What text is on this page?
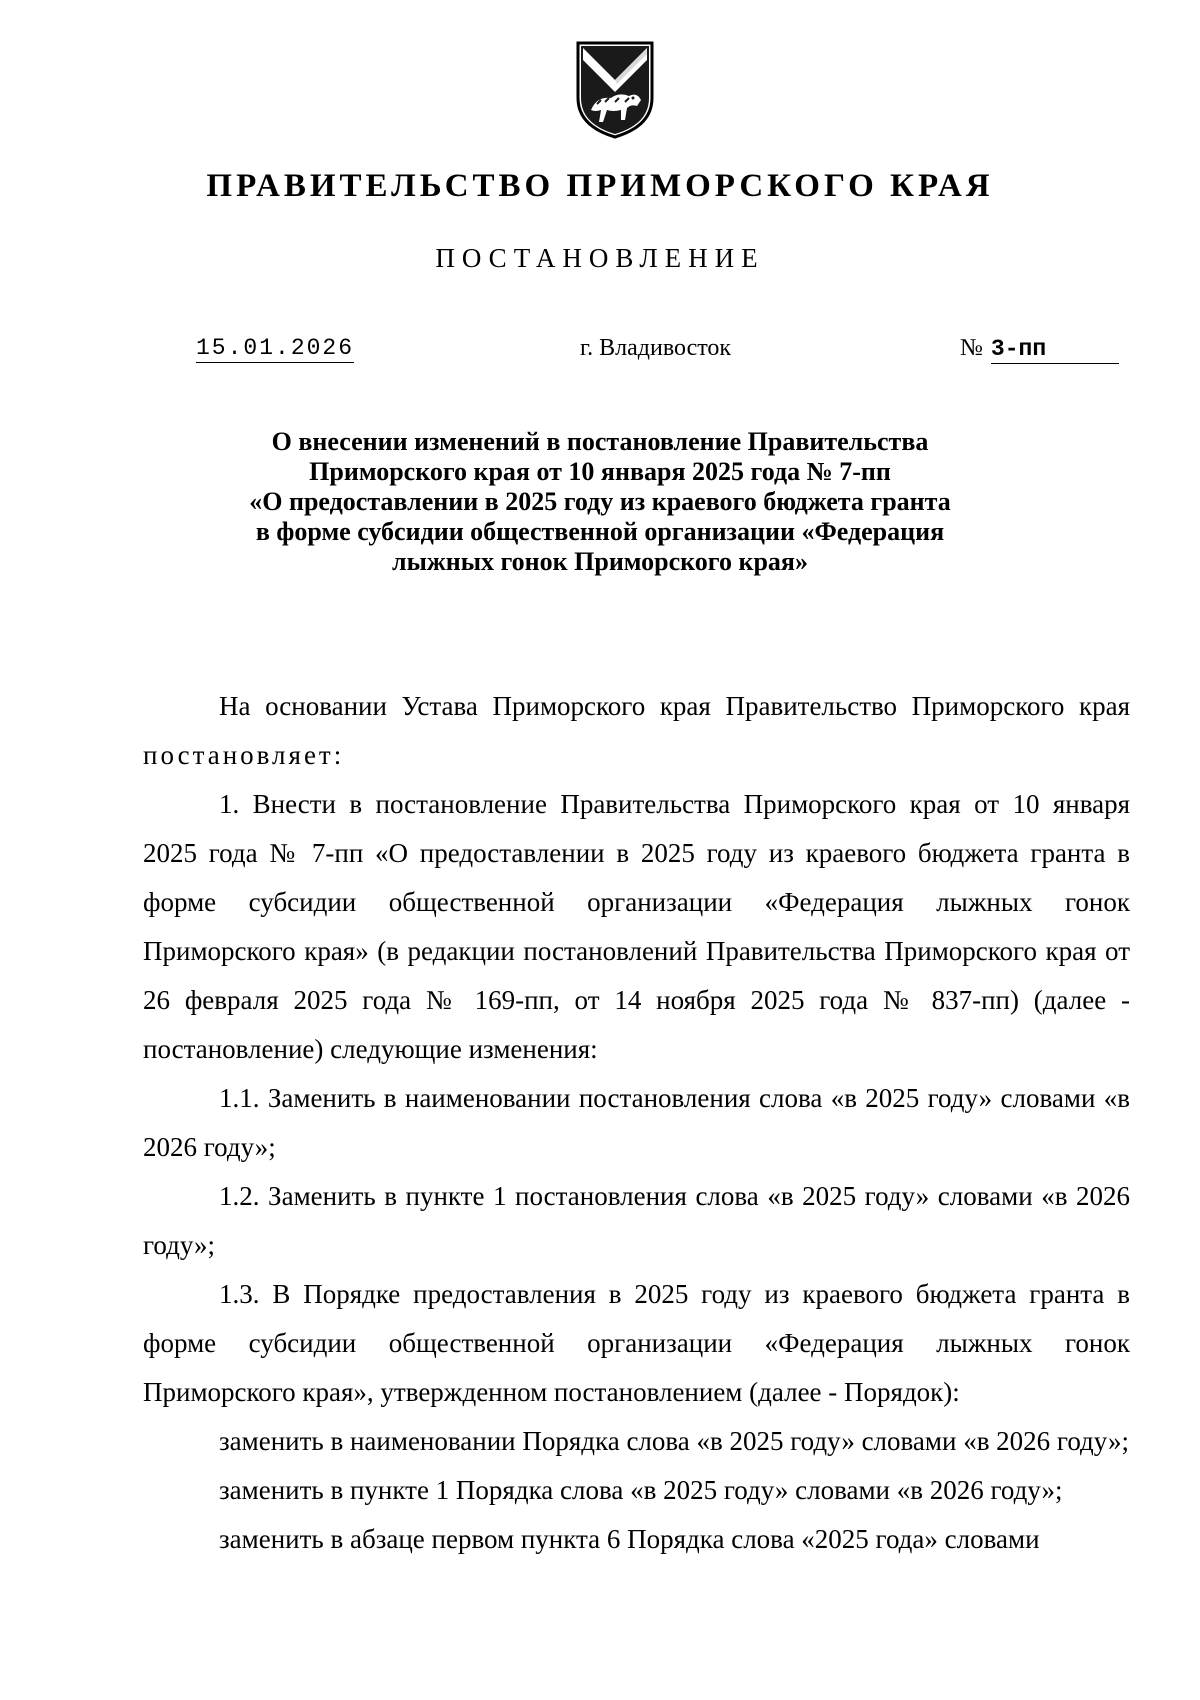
ПРАВИТЕЛЬСТВО ПРИМОРСКОГО КРАЯ
ПОСТАНОВЛЕНИЕ
15.01.2026	г. Владивосток	№ 3-пп
О внесении изменений в постановление Правительства
Приморского края от 10 января 2025 года № 7-пп
«О предоставлении в 2025 году из краевого бюджета гранта
в форме субсидии общественной организации «Федерация
лыжных гонок Приморского края»

На основании Устава Приморского края Правительство Приморского края постановляет:

1. Внести в постановление Правительства Приморского края от 10 января 2025 года № 7-пп «О предоставлении в 2025 году из краевого бюджета гранта в форме субсидии общественной организации «Федерация лыжных гонок Приморского края» (в редакции постановлений Правительства Приморского края от 26 февраля 2025 года № 169-пп, от 14 ноября 2025 года № 837-пп) (далее - постановление) следующие изменения:

1.1. Заменить в наименовании постановления слова «в 2025 году» словами «в 2026 году»;

1.2. Заменить в пункте 1 постановления слова «в 2025 году» словами «в 2026 году»;

1.3. В Порядке предоставления в 2025 году из краевого бюджета гранта в форме субсидии общественной организации «Федерация лыжных гонок Приморского края», утвержденном постановлением (далее - Порядок):

заменить в наименовании Порядка слова «в 2025 году» словами «в 2026 году»;

заменить в пункте 1 Порядка слова «в 2025 году» словами «в 2026 году»;

заменить в абзаце первом пункта 6 Порядка слова «2025 года» словами
